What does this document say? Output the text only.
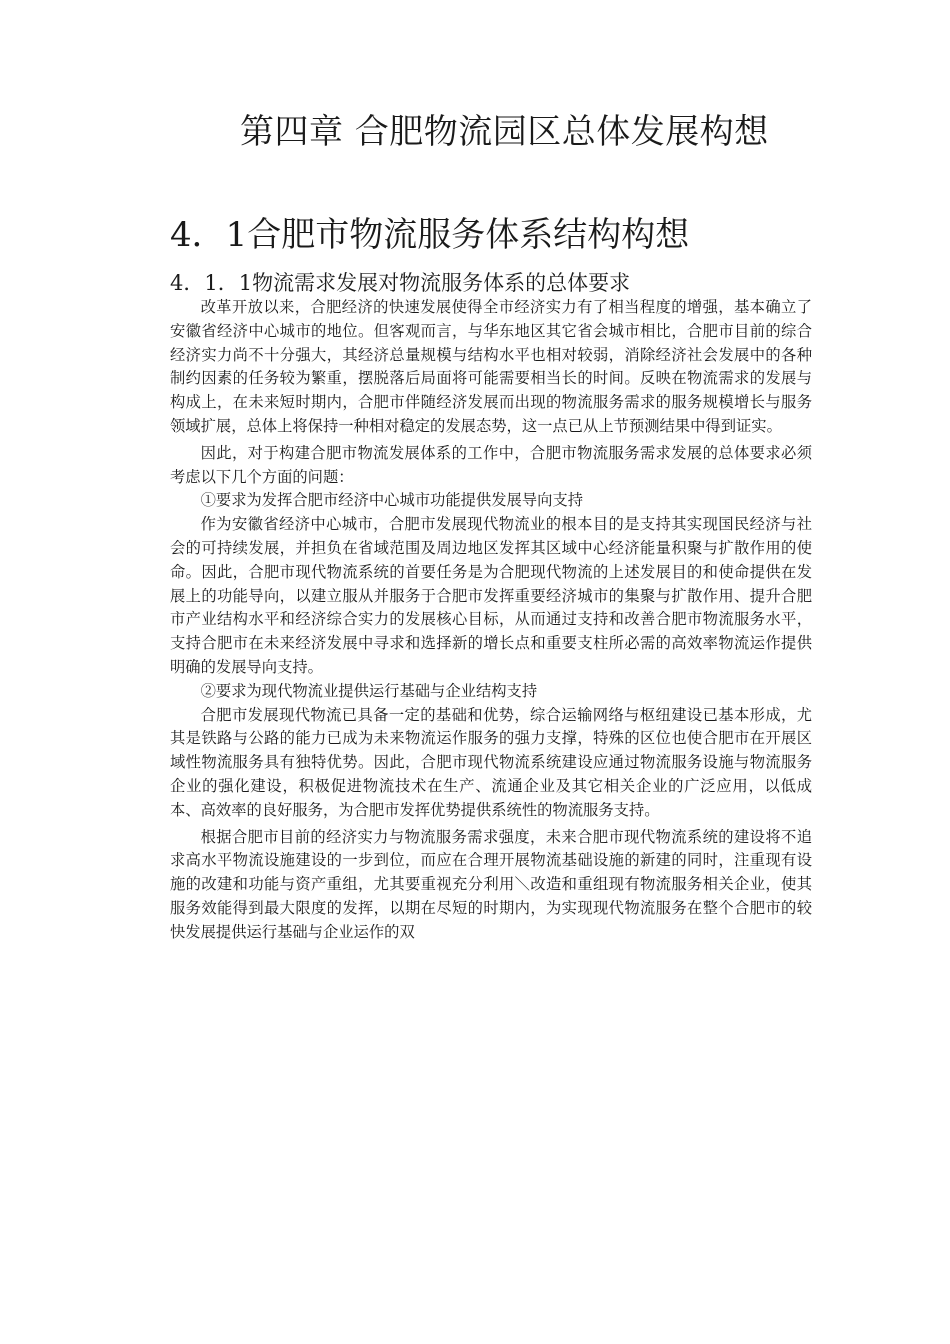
第四章 合肥物流园区总体发展构想
4．1合肥市物流服务体系结构构想
4．1．1物流需求发展对物流服务体系的总体要求

改革开放以来，合肥经济的快速发展使得全市经济实力有了相当程度的增强，基本确立了安徽省经济中心城市的地位。但客观而言，与华东地区其它省会城市相比，合肥市目前的综合经济实力尚不十分强大，其经济总量规模与结构水平也相对较弱，消除经济社会发展中的各种制约因素的任务较为繁重，摆脱落后局面将可能需要相当长的时间。反映在物流需求的发展与构成上，在未来短时期内，合肥市伴随经济发展而出现的物流服务需求的服务规模增长与服务领域扩展，总体上将保持一种相对稳定的发展态势，这一点已从上节预测结果中得到证实。

因此，对于构建合肥市物流发展体系的工作中，合肥市物流服务需求发展的总体要求必须考虑以下几个方面的问题：

①要求为发挥合肥市经济中心城市功能提供发展导向支持

作为安徽省经济中心城市，合肥市发展现代物流业的根本目的是支持其实现国民经济与社会的可持续发展，并担负在省域范围及周边地区发挥其区域中心经济能量积聚与扩散作用的使命。因此，合肥市现代物流系统的首要任务是为合肥现代物流的上述发展目的和使命提供在发展上的功能导向，以建立服从并服务于合肥市发挥重要经济城市的集聚与扩散作用、提升合肥市产业结构水平和经济综合实力的发展核心目标，从而通过支持和改善合肥市物流服务水平，支持合肥市在未来经济发展中寻求和选择新的增长点和重要支柱所必需的高效率物流运作提供明确的发展导向支持。

②要求为现代物流业提供运行基础与企业结构支持

合肥市发展现代物流已具备一定的基础和优势，综合运输网络与枢纽建设已基本形成，尤其是铁路与公路的能力已成为未来物流运作服务的强力支撑，特殊的区位也使合肥市在开展区域性物流服务具有独特优势。因此，合肥市现代物流系统建设应通过物流服务设施与物流服务企业的强化建设，积极促进物流技术在生产、流通企业及其它相关企业的广泛应用，以低成本、高效率的良好服务，为合肥市发挥优势提供系统性的物流服务支持。

根据合肥市目前的经济实力与物流服务需求强度，未来合肥市现代物流系统的建设将不追求高水平物流设施建设的一步到位，而应在合理开展物流基础设施的新建的同时，注重现有设施的改建和功能与资产重组，尤其要重视充分利用＼改造和重组现有物流服务相关企业，使其服务效能得到最大限度的发挥，以期在尽短的时期内，为实现现代物流服务在整个合肥市的较快发展提供运行基础与企业运作的双
